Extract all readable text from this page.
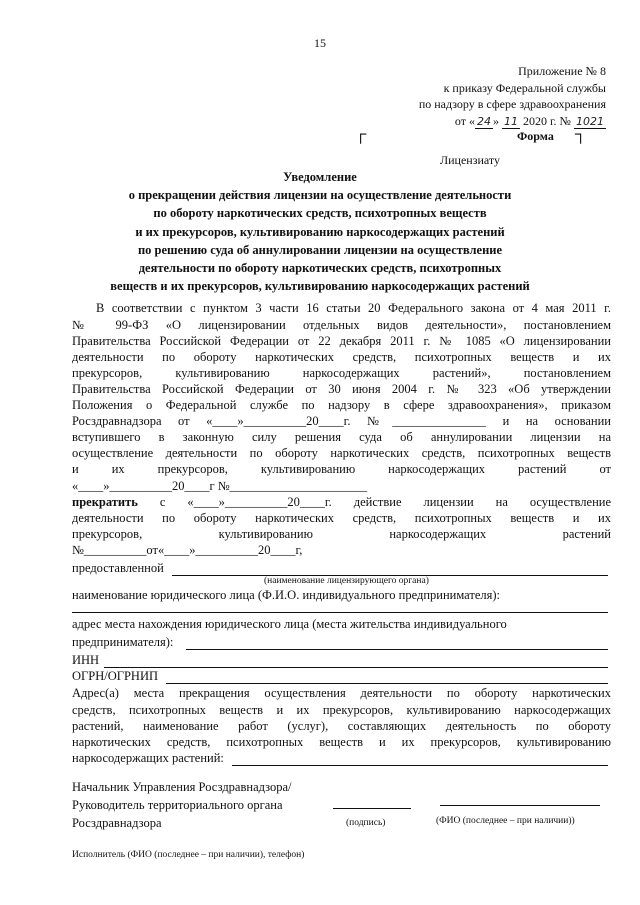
15
Приложение № 8
к приказу Федеральной службы
по надзору в сфере здравоохранения
от « 24 » 11 2020 г. № 1021
┌	Форма ┐
Лицензиату
Уведомление
о прекращении действия лицензии на осуществление деятельности
по обороту наркотических средств, психотропных веществ
и их прекурсоров, культивированию наркосодержащих растений
по решению суда об аннулировании лицензии на осуществление
деятельности по обороту наркотических средств, психотропных
веществ и их прекурсоров, культивированию наркосодержащих растений
В соответствии с пунктом 3 части 16 статьи 20 Федерального закона от 4 мая 2011 г.
№ 99-ФЗ «О лицензировании отдельных видов деятельности», постановлением
Правительства Российской Федерации от 22 декабря 2011 г. № 1085 «О лицензировании
деятельности по обороту наркотических средств, психотропных веществ и их
прекурсоров, культивированию наркосодержащих растений», постановлением
Правительства Российской Федерации от 30 июня 2004 г. № 323 «Об утверждении
Положения о Федеральной службе по надзору в сфере здравоохранения», приказом
Росздравнадзора от «____»__________20____г. №_______________ и на основании
вступившего в законную силу решения суда об аннулировании лицензии на
осуществление деятельности по обороту наркотических средств, психотропных веществ
и их прекурсоров, культивированию наркосодержащих растений от
«____»__________20____г №______________________
прекратить с «____»__________20____г. действие лицензии на осуществление
деятельности по обороту наркотических средств, психотропных веществ и их
прекурсоров, культивированию наркосодержащих растений
№__________от«____»__________20____г,
предоставленной
(наименование лицензирующего органа)
наименование юридического лица (Ф.И.О. индивидуального предпринимателя):
адрес места нахождения юридического лица (места жительства индивидуального
предпринимателя):
ИНН
ОГРН/ОГРНИП
Адрес(а) места прекращения осуществления деятельности по обороту наркотических
средств, психотропных веществ и их прекурсоров, культивированию наркосодержащих
растений, наименование работ (услуг), составляющих деятельность по обороту
наркотических средств, психотропных веществ и их прекурсоров, культивированию
наркосодержащих растений:
Начальник Управления Росздравнадзора/
Руководитель территориального органа
Росздравнадзора	(подпись)	(ФИО (последнее – при наличии))
Исполнитель (ФИО (последнее – при наличии), телефон)
